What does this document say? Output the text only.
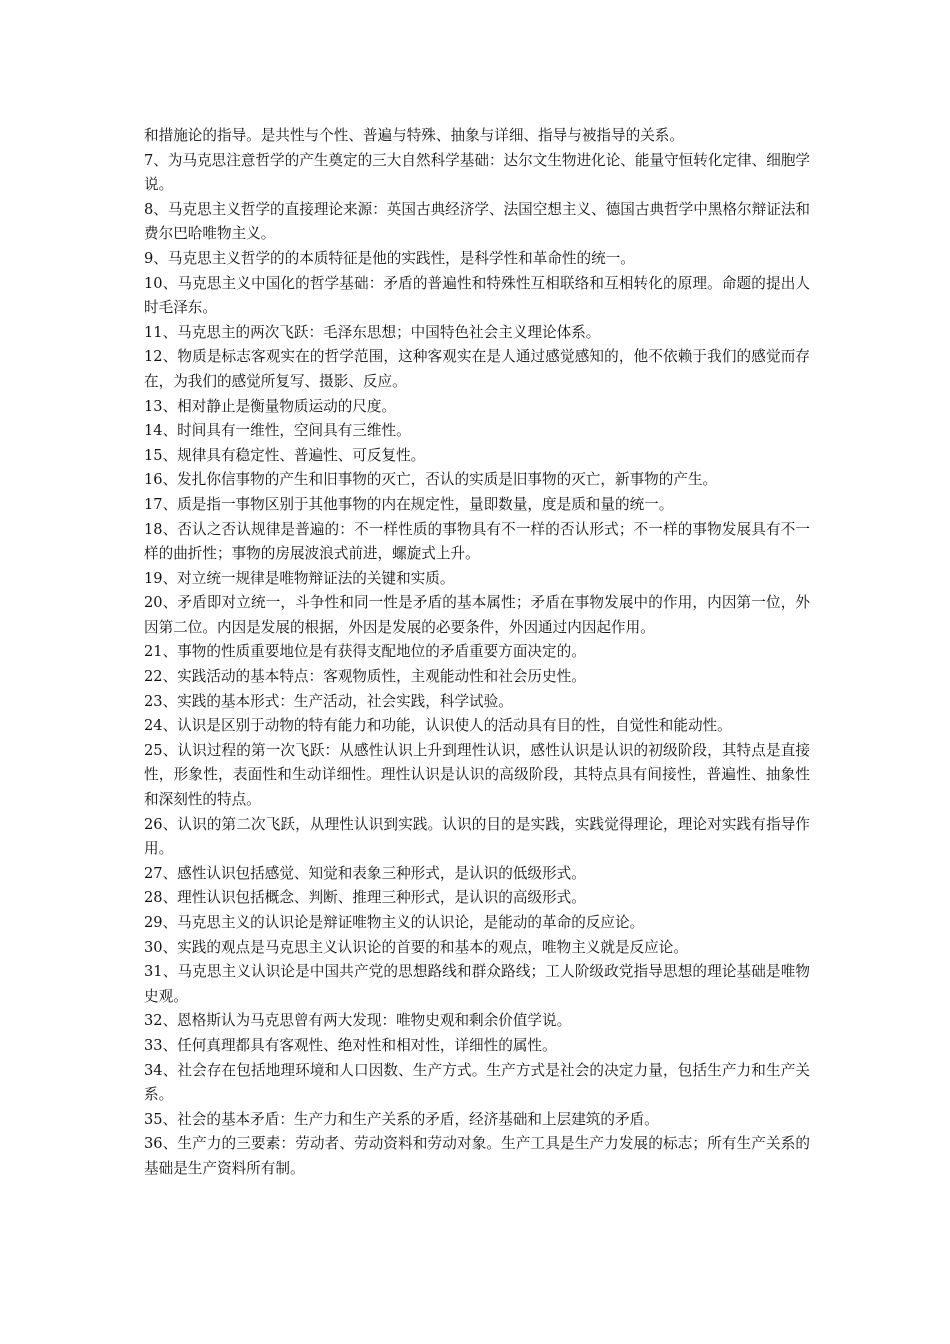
和措施论的指导。是共性与个性、普遍与特殊、抽象与详细、指导与被指导的关系。

7、为马克思注意哲学的产生奠定的三大自然科学基础：达尔文生物进化论、能量守恒转化定律、细胞学说。

8、马克思主义哲学的直接理论来源：英国古典经济学、法国空想主义、德国古典哲学中黑格尔辩证法和费尔巴哈唯物主义。

9、马克思主义哲学的的本质特征是他的实践性，是科学性和革命性的统一。

10、马克思主义中国化的哲学基础：矛盾的普遍性和特殊性互相联络和互相转化的原理。命题的提出人时毛泽东。

11、马克思主的两次飞跃：毛泽东思想；中国特色社会主义理论体系。

12、物质是标志客观实在的哲学范围，这种客观实在是人通过感觉感知的，他不依赖于我们的感觉而存在，为我们的感觉所复写、摄影、反应。

13、相对静止是衡量物质运动的尺度。

14、时间具有一维性，空间具有三维性。

15、规律具有稳定性、普遍性、可反复性。

16、发扎你信事物的产生和旧事物的灭亡，否认的实质是旧事物的灭亡，新事物的产生。

17、质是指一事物区别于其他事物的内在规定性，量即数量，度是质和量的统一。

18、否认之否认规律是普遍的：不一样性质的事物具有不一样的否认形式；不一样的事物发展具有不一样的曲折性；事物的房展波浪式前进，螺旋式上升。

19、对立统一规律是唯物辩证法的关键和实质。

20、矛盾即对立统一，斗争性和同一性是矛盾的基本属性；矛盾在事物发展中的作用，内因第一位，外因第二位。内因是发展的根据，外因是发展的必要条件，外因通过内因起作用。

21、事物的性质重要地位是有获得支配地位的矛盾重要方面决定的。

22、实践活动的基本特点：客观物质性，主观能动性和社会历史性。

23、实践的基本形式：生产活动，社会实践，科学试验。

24、认识是区别于动物的特有能力和功能，认识使人的活动具有目的性，自觉性和能动性。

25、认识过程的第一次飞跃：从感性认识上升到理性认识，感性认识是认识的初级阶段，其特点是直接性，形象性，表面性和生动详细性。理性认识是认识的高级阶段，其特点具有间接性，普遍性、抽象性和深刻性的特点。

26、认识的第二次飞跃，从理性认识到实践。认识的目的是实践，实践觉得理论，理论对实践有指导作用。

27、感性认识包括感觉、知觉和表象三种形式，是认识的低级形式。

28、理性认识包括概念、判断、推理三种形式，是认识的高级形式。

29、马克思主义的认识论是辩证唯物主义的认识论，是能动的革命的反应论。

30、实践的观点是马克思主义认识论的首要的和基本的观点，唯物主义就是反应论。

31、马克思主义认识论是中国共产党的思想路线和群众路线；工人阶级政党指导思想的理论基础是唯物史观。

32、恩格斯认为马克思曾有两大发现：唯物史观和剩余价值学说。

33、任何真理都具有客观性、绝对性和相对性，详细性的属性。

34、社会存在包括地理环境和人口因数、生产方式。生产方式是社会的决定力量，包括生产力和生产关系。

35、社会的基本矛盾：生产力和生产关系的矛盾，经济基础和上层建筑的矛盾。

36、生产力的三要素：劳动者、劳动资料和劳动对象。生产工具是生产力发展的标志；所有生产关系的基础是生产资料所有制。
